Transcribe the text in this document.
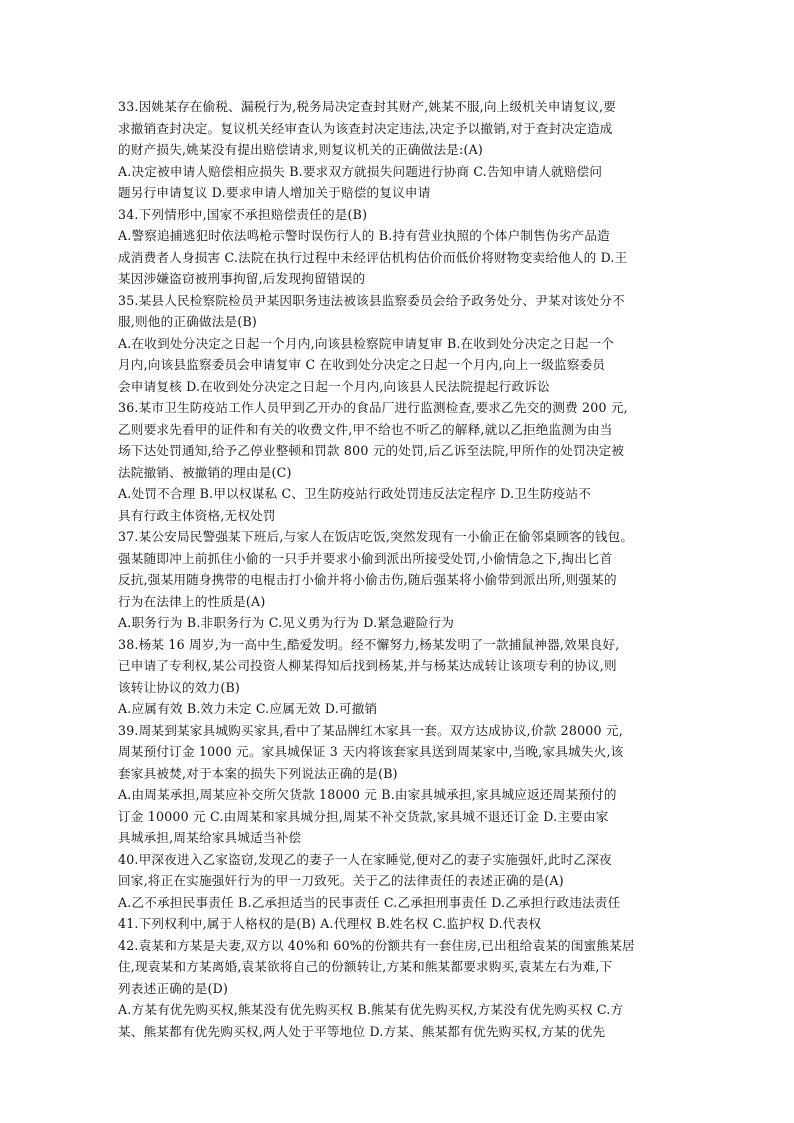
33.因姚某存在偷税、漏税行为,税务局决定查封其财产,姚某不服,向上级机关申请复议,要
求撤销查封决定。复议机关经审查认为该查封决定违法,决定予以撤销,对于查封决定造成
的财产损失,姚某没有提出赔偿请求,则复议机关的正确做法是:(A)
A.决定被申请人赔偿相应损失 B.要求双方就损失问题进行协商 C.告知申请人就赔偿问
题另行申请复议 D.要求申请人增加关于赔偿的复议申请
34.下列情形中,国家不承担赔偿责任的是(B)
A.警察追捕逃犯时依法鸣枪示警时误伤行人的 B.持有营业执照的个体户制售伪劣产品造
成消费者人身损害 C.法院在执行过程中未经评估机构估价而低价将财物变卖给他人的 D.王
某因涉嫌盗窃被刑事拘留,后发现拘留错误的
35.某县人民检察院检员尹某因职务违法被该县监察委员会给予政务处分、尹某对该处分不
服,则他的正确做法是(B)
A.在收到处分决定之日起一个月内,向该县检察院申请复审 B.在收到处分决定之日起一个
月内,向该县监察委员会申请复审 C 在收到处分决定之日起一个月内,向上一级监察委员
会申请复核 D.在收到处分决定之日起一个月内,向该县人民法院提起行政诉讼
36.某市卫生防疫站工作人员甲到乙开办的食品厂进行监测检查,要求乙先交的测费 200 元,
乙则要求先看甲的证件和有关的收费文件,甲不给也不听乙的解释,就以乙拒绝监测为由当
场下达处罚通知,给予乙停业整顿和罚款 800 元的处罚,后乙诉至法院,甲所作的处罚决定被
法院撤销、被撤销的理由是(C)
A.处罚不合理 B.甲以权谋私 C、卫生防疫站行政处罚违反法定程序 D.卫生防疫站不
具有行政主体资格,无权处罚
37.某公安局民警强某下班后,与家人在饭店吃饭,突然发现有一小偷正在偷邻桌顾客的钱包。
强某随即冲上前抓住小偷的一只手并要求小偷到派出所接受处罚,小偷情急之下,掏出匕首
反抗,强某用随身携带的电棍击打小偷并将小偷击伤,随后强某将小偷带到派出所,则强某的
行为在法律上的性质是(A)
A.职务行为 B.非职务行为 C.见义勇为行为 D.紧急避险行为
38.杨某 16 周岁,为一高中生,酷爱发明。经不懈努力,杨某发明了一款捕鼠神器,效果良好,
已申请了专利权,某公司投资人柳某得知后找到杨某,并与杨某达成转让该项专利的协议,则
该转让协议的效力(B)
A.应属有效 B.效力未定 C.应属无效 D.可撤销
39.周某到某家具城购买家具,看中了某品牌红木家具一套。双方达成协议,价款 28000 元,
周某预付订金 1000 元。家具城保证 3 天内将该套家具送到周某家中,当晚,家具城失火,该
套家具被焚,对于本案的损失下列说法正确的是(B)
A.由周某承担,周某应补交所欠货款 18000 元 B.由家具城承担,家具城应返还周某预付的
订金 10000 元 C.由周某和家具城分担,周某不补交货款,家具城不退还订金 D.主要由家
具城承担,周某给家具城适当补偿
40.甲深夜进入乙家盗窃,发现乙的妻子一人在家睡觉,便对乙的妻子实施强奸,此时乙深夜
回家,将正在实施强奸行为的甲一刀致死。关于乙的法律责任的表述正确的是(A)
A.乙不承担民事责任 B.乙承担适当的民事责任 C.乙承担刑事责任 D.乙承担行政违法责任
41.下列权利中,属于人格权的是(B) A.代理权 B.姓名权 C.监护权 D.代表权
42.袁某和方某是夫妻,双方以 40%和 60%的份额共有一套住房,已出租给袁某的闺蜜熊某居
住,现袁某和方某离婚,袁某欲将自己的份额转让,方某和熊某都要求购买,袁某左右为难,下
列表述正确的是(D)
A.方某有优先购买权,熊某没有优先购买权 B.熊某有优先购买权,方某没有优先购买权 C.方
某、熊某都有优先购买权,两人处于平等地位 D.方某、熊某都有优先购买权,方某的优先
